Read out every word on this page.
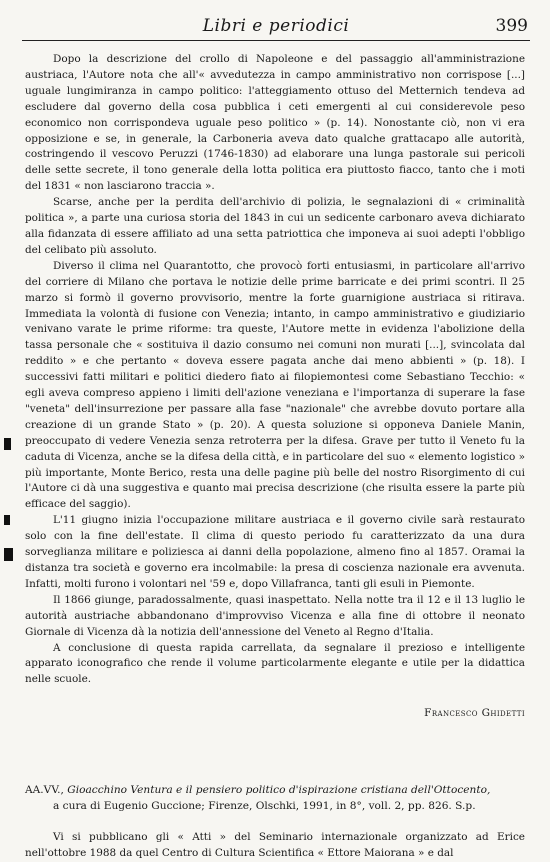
Libri e periodici	399

Dopo la descrizione del crollo di Napoleone e del passaggio all'amministrazione austriaca, l'Autore nota che all'« avvedutezza in campo amministrativo non corrispose [...] uguale lungimiranza in campo politico: l'atteggiamento ottuso del Metternich tendeva ad escludere dal governo della cosa pubblica i ceti emergenti al cui considerevole peso economico non corrispondeva uguale peso politico » (p. 14). Nonostante ciò, non vi era opposizione e se, in generale, la Carboneria aveva dato qualche grattacapo alle autorità, costringendo il vescovo Peruzzi (1746-1830) ad elaborare una lunga pastorale sui pericoli delle sette secrete, il tono generale della lotta politica era piuttosto fiacco, tanto che i moti del 1831 « non lasciarono traccia ».

Scarse, anche per la perdita dell'archivio di polizia, le segnalazioni di « criminalità politica », a parte una curiosa storia del 1843 in cui un sedicente carbonaro aveva dichiarato alla fidanzata di essere affiliato ad una setta patriottica che imponeva ai suoi adepti l'obbligo del celibato più assoluto.

Diverso il clima nel Quarantotto, che provocò forti entusiasmi, in particolare all'arrivo del corriere di Milano che portava le notizie delle prime barricate e dei primi scontri. Il 25 marzo si formò il governo provvisorio, mentre la forte guarnigione austriaca si ritirava. Immediata la volontà di fusione con Venezia; intanto, in campo amministrativo e giudiziario venivano varate le prime riforme: tra queste, l'Autore mette in evidenza l'abolizione della tassa personale che « sostituiva il dazio consumo nei comuni non murati [...], svincolata dal reddito » e che pertanto « doveva essere pagata anche dai meno abbienti » (p. 18). I successivi fatti militari e politici diedero fiato ai filopiemontesi come Sebastiano Tecchio: « egli aveva compreso appieno i limiti dell'azione veneziana e l'importanza di superare la fase "veneta" dell'insurrezione per passare alla fase "nazionale" che avrebbe dovuto portare alla creazione di un grande Stato » (p. 20). A questa soluzione si opponeva Daniele Manin, preoccupato di vedere Venezia senza retroterra per la difesa. Grave per tutto il Veneto fu la caduta di Vicenza, anche se la difesa della città, e in particolare del suo « elemento logistico » più importante, Monte Berico, resta una delle pagine più belle del nostro Risorgimento di cui l'Autore ci dà una suggestiva e quanto mai precisa descrizione (che risulta essere la parte più efficace del saggio).

L'11 giugno inizia l'occupazione militare austriaca e il governo civile sarà restaurato solo con la fine dell'estate. Il clima di questo periodo fu caratterizzato da una dura sorveglianza militare e poliziesca ai danni della popolazione, almeno fino al 1857. Oramai la distanza tra società e governo era incolmabile: la presa di coscienza nazionale era avvenuta. Infatti, molti furono i volontari nel '59 e, dopo Villafranca, tanti gli esuli in Piemonte.

Il 1866 giunge, paradossalmente, quasi inaspettato. Nella notte tra il 12 e il 13 luglio le autorità austriache abbandonano d'improvviso Vicenza e alla fine di ottobre il neonato Giornale di Vicenza dà la notizia dell'annessione del Veneto al Regno d'Italia.

A conclusione di questa rapida carrellata, da segnalare il prezioso e intelligente apparato iconografico che rende il volume particolarmente elegante e utile per la didattica nelle scuole.

Francesco Ghidetti
AA.VV., Gioacchino Ventura e il pensiero politico d'ispirazione cristiana dell'Ottocento,
a cura di Eugenio Guccione; Firenze, Olschki, 1991, in 8°, voll. 2, pp. 826. S.p.

Vi si pubblicano gli « Atti » del Seminario internazionale organizzato ad Erice nell'ottobre 1988 da quel Centro di Cultura Scientifica « Ettore Maiorana » e dal
